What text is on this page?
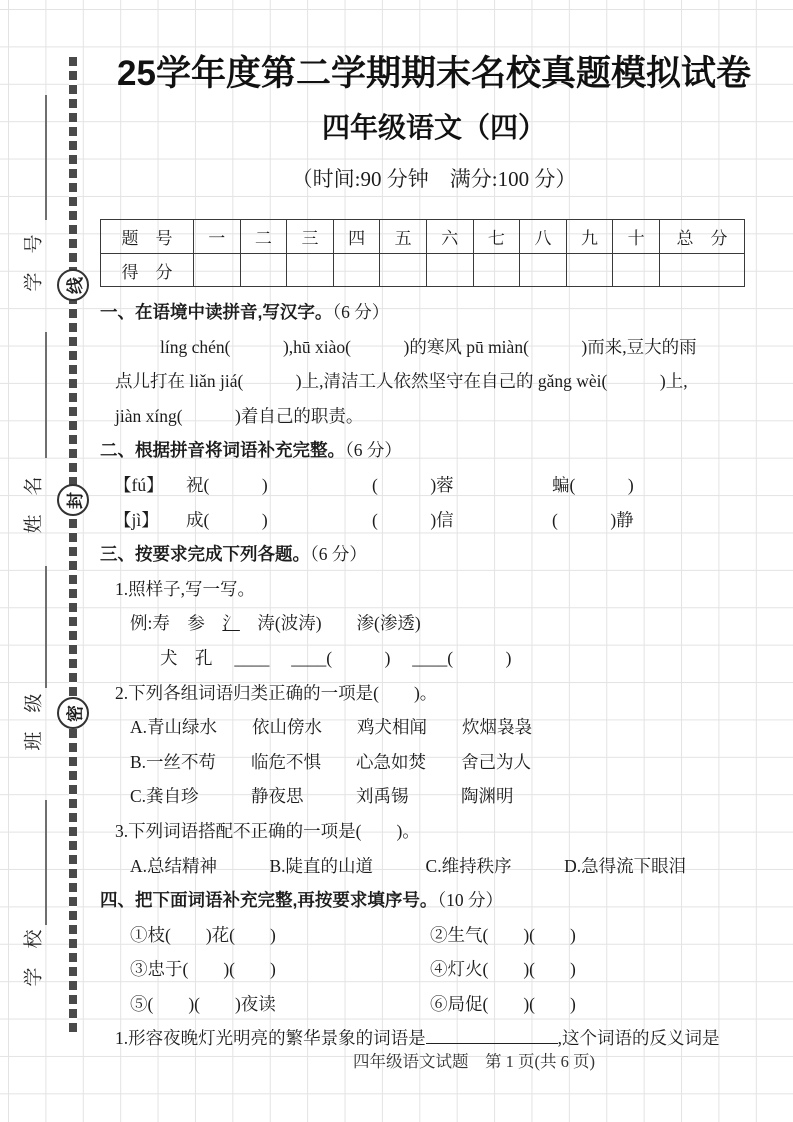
线
封
密
学　号
姓　名
班　级
学　校
25学年度第二学期期末名校真题模拟试卷
四年级语文（四）
（时间:90 分钟　满分:100 分）
题　号	一	二	三	四	五	六	七	八	九	十	总　分
得　分											
一、在语境中读拼音,写汉字。（6 分）
líng chén(　　　),hū xiào(　　　)的寒风 pū miàn(　　　)而来,豆大的雨
点儿打在 liǎn jiá(　　　)上,清洁工人依然坚守在自己的 gǎng wèi(　　　)上,
jiàn xíng(　　　)着自己的职责。
二、根据拼音将词语补充完整。（6 分）
【fú】	祝(　　　)	(　　　)蓉	蝙(　　　)
【jì】	成(　　　)	(　　　)信	(　　　)静
三、按要求完成下列各题。（6 分）
1.照样子,写一写。
例:寿　参　氵　涛(波涛)　　渗(渗透)
犬　孔　 ____　 ____(　　　)　 ____(　　　)
2.下列各组词语归类正确的一项是(　　)。
A.青山绿水　　依山傍水　　鸡犬相闻　　炊烟袅袅
B.一丝不苟　　临危不惧　　心急如焚　　舍己为人
C.龚自珍　　　静夜思　　　刘禹锡　　　陶渊明
3.下列词语搭配不正确的一项是(　　)。
A.总结精神　　　B.陡直的山道　　　C.维持秩序　　　D.急得流下眼泪
四、把下面词语补充完整,再按要求填序号。（10 分）
①枝(　　)花(　　)	②生气(　　)(　　)
③忠于(　　)(　　)	④灯火(　　)(　　)
⑤(　　)(　　)夜读	⑥局促(　　)(　　)
1.形容夜晚灯光明亮的繁华景象的词语是	,这个词语的反义词是
四年级语文试题　第 1 页(共 6 页)
